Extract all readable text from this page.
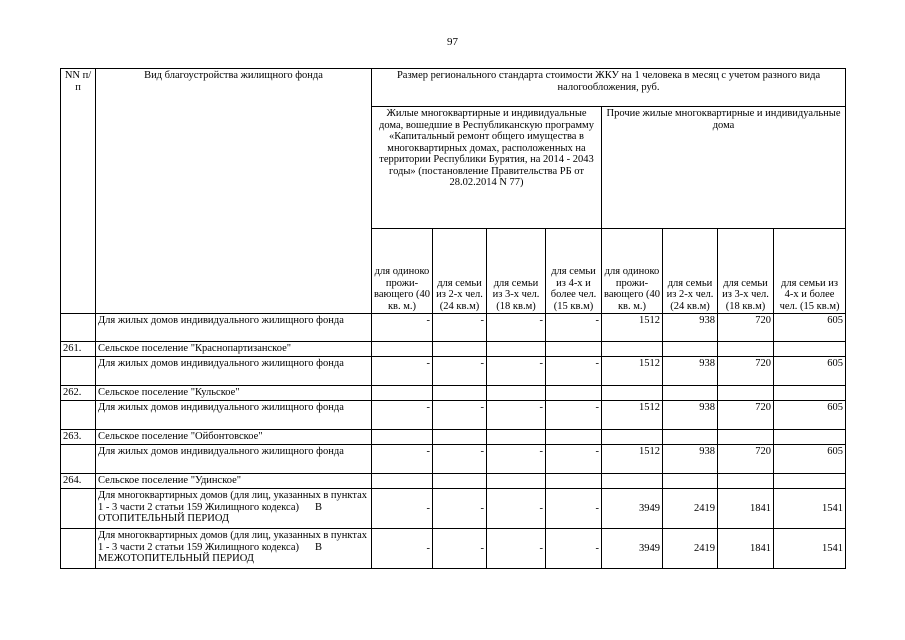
97
NN п/п	Вид благоустройства жилищного фонда	Размер регионального стандарта стоимости ЖКУ на 1 человека в месяц с учетом разного вида налогообложения, руб.							
		Жилые многоквартирные и индивидуальные дома, вошедшие в Республиканскую программу «Капитальный ремонт общего имущества в многоквартирных домах, расположенных на территории Республики Бурятия, на 2014 - 2043 годы» (постановление Правительства РБ от 28.02.2014 N 77)				Прочие жилые многоквартирные и индивидуальные дома			
		для одиноко прожи- вающего (40 кв. м.)	для семьи из 2-х чел. (24 кв.м)	для семьи из 3-х чел. (18 кв.м)	для семьи из 4-х и более чел. (15 кв.м)	для одиноко прожи- вающего (40 кв. м.)	для семьи из 2-х чел. (24 кв.м)	для семьи из 3-х чел. (18 кв.м)	для семьи из 4-х и более чел. (15 кв.м)
	Для жилых домов индивидуального жилищного фонда	-	-	-	-	1512	938	720	605
261.	Сельское поселение "Краснопартизанское"								
	Для жилых домов индивидуального жилищного фонда	-	-	-	-	1512	938	720	605
262.	Сельское поселение "Кульское"								
	Для жилых домов индивидуального жилищного фонда	-	-	-	-	1512	938	720	605
263.	Сельское поселение "Ойбонтовское"								
	Для жилых домов индивидуального жилищного фонда	-	-	-	-	1512	938	720	605
264.	Сельское поселение "Удинское"								
	Для многоквартирных домов (для лиц, указанных в пунктах 1 - 3 части 2 статьи 159 Жилищного кодекса) В ОТОПИТЕЛЬНЫЙ ПЕРИОД	-	-	-	-	3949	2419	1841	1541
	Для многоквартирных домов (для лиц, указанных в пунктах 1 - 3 части 2 статьи 159 Жилищного кодекса) В МЕЖОТОПИТЕЛЬНЫЙ ПЕРИОД	-	-	-	-	3949	2419	1841	1541
